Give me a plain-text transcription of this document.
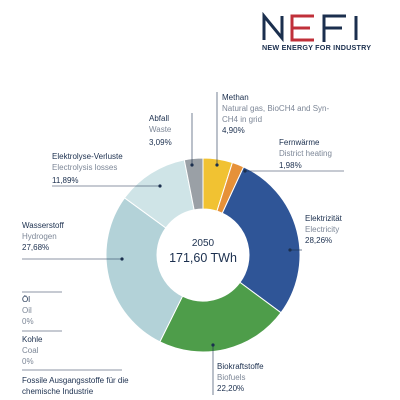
NEW ENERGY FOR INDUSTRY
2050
171,60 TWh
Methan
Natural gas, BioCH4 and Syn-CH4 in grid
4,90%
Fernwärme
District heating
1,98%
Elektrizität
Electricity
28,26%
Biokraftstoffe
Biofuels
22,20%
Fossile Ausgangsstoffe für die chemische Industrie
Kohle
Coal
0%
Öl
Oil
0%
Wasserstoff
Hydrogen
27,68%
Elektrolyse-Verluste
Electrolysis losses
11,89%
Abfall
Waste
3,09%
